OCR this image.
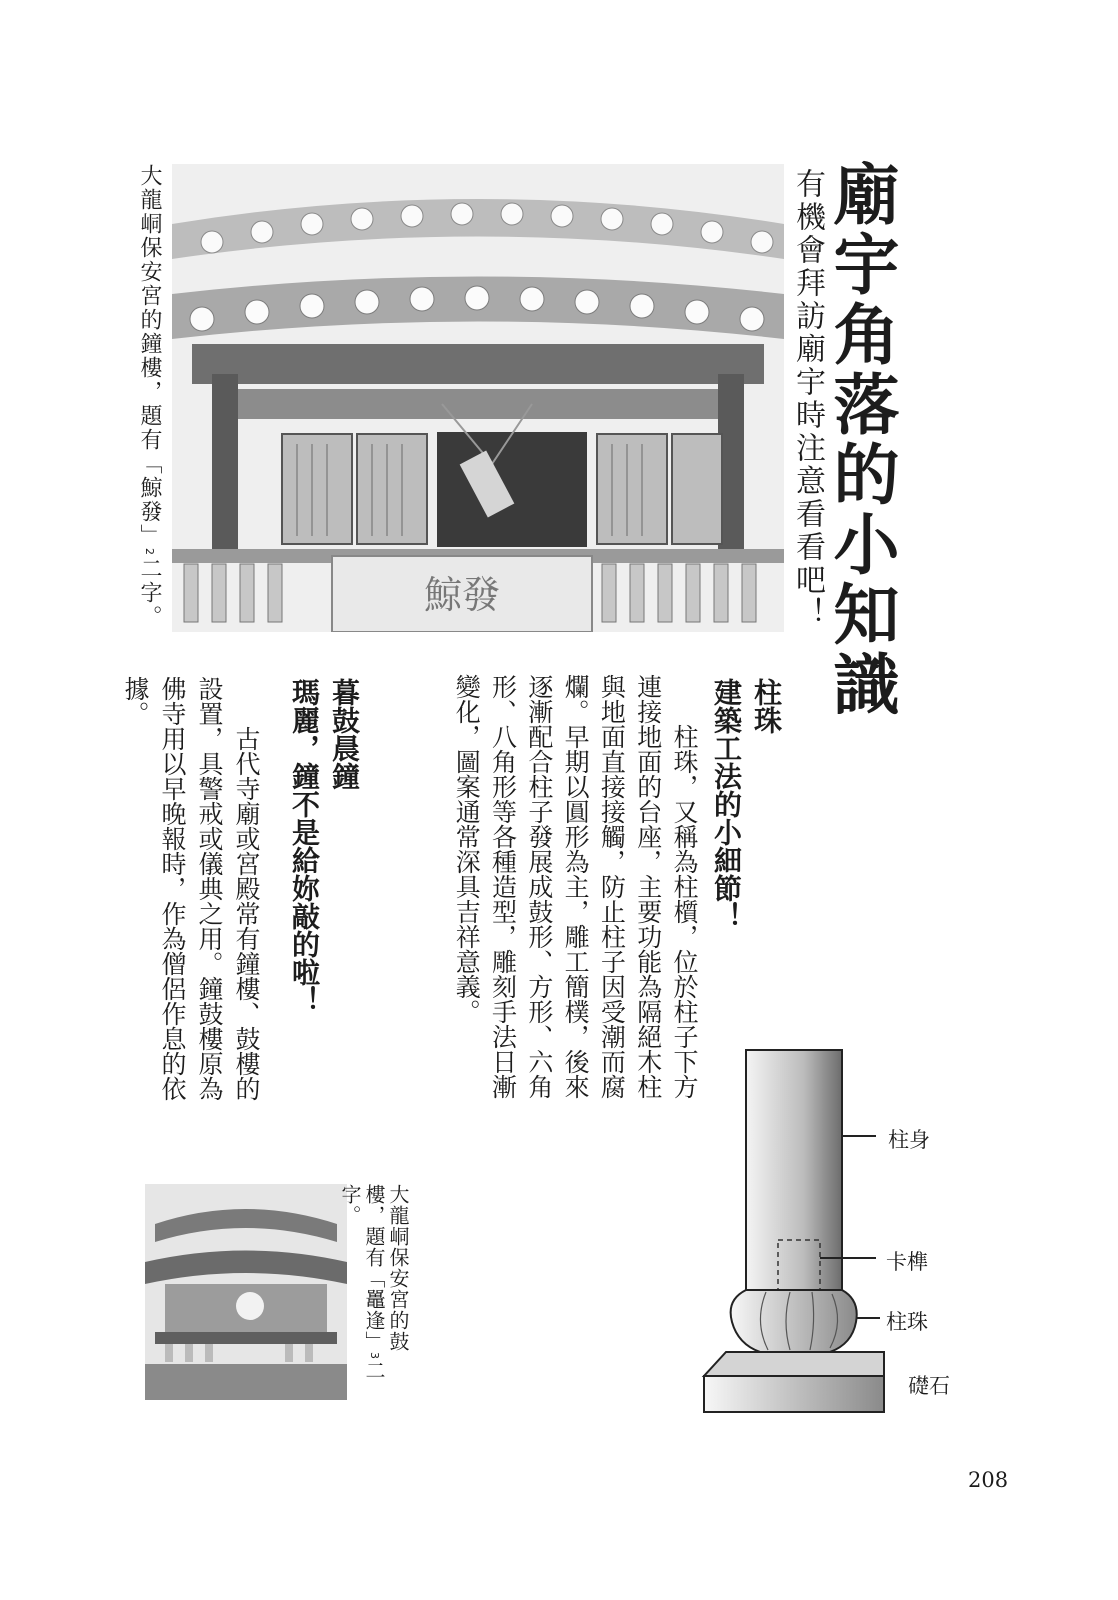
廟宇角落的小知識
有機會拜訪廟宇時注意看看吧！
鯨發
大龍峒保安宮的鐘樓，題有「鯨發」2二字。
柱珠
建築工法的小細節！
柱珠，又稱為柱櫍，位於柱子下方連接地面的台座，主要功能為隔絕木柱與地面直接接觸，防止柱子因受潮而腐爛。早期以圓形為主，雕工簡樸，後來逐漸配合柱子發展成鼓形、方形、六角形、八角形等各種造型，雕刻手法日漸變化，圖案通常深具吉祥意義。
暮鼓晨鐘
瑪麗，鐘不是給妳敲的啦！
古代寺廟或宮殿常有鐘樓、鼓樓的設置，具警戒或儀典之用。鐘鼓樓原為佛寺用以早晚報時，作為僧侶作息的依據。
大龍峒保安宮的鼓樓，題有「鼉逢」3二字。
柱身
卡榫
柱珠
礎石
208
